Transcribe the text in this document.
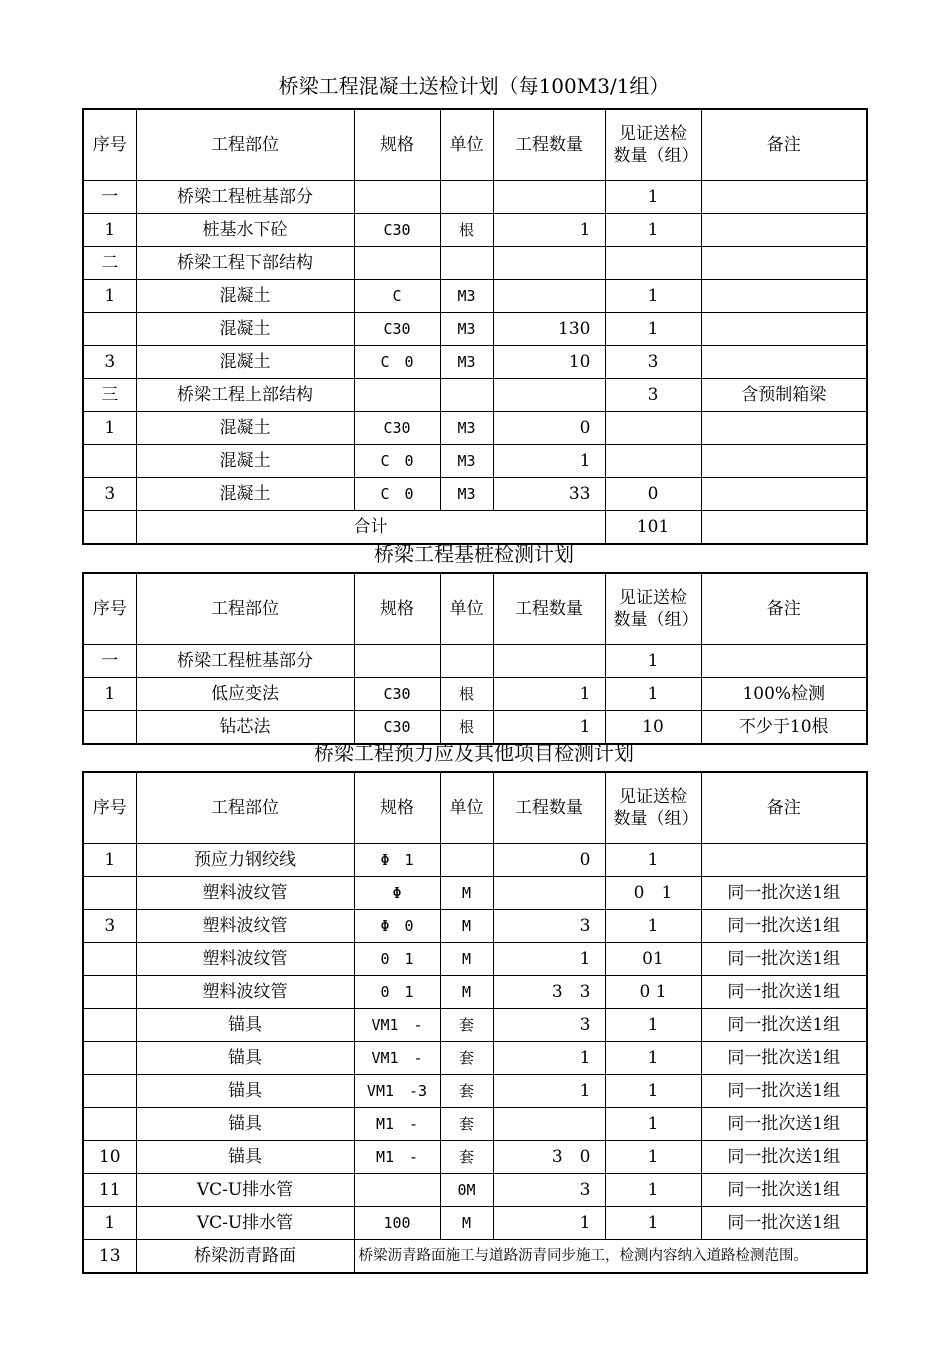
桥梁工程混凝土送检计划（每100M3/1组）
序号	工程部位	规格	单位	工程数量	见证送检数量（组）	备注
一	桥梁工程桩基部分				1	
1	桩基水下砼	C30	根	1	1	
二	桥梁工程下部结构					
1	混凝土	C	M3		1	
	混凝土	C30	M3	130	1	
3	混凝土	C　0	M3	10	3	
三	桥梁工程上部结构				3	含预制箱梁
1	混凝土	C30	M3	0		
	混凝土	C　0	M3	1		
3	混凝土	C　0	M3	33	0	
	合计				101	
桥梁工程基桩检测计划
序号	工程部位	规格	单位	工程数量	见证送检数量（组）	备注
一	桥梁工程桩基部分				1	
1	低应变法	C30	根	1	1	100%检测
	钻芯法	C30	根	1	10	不少于10根
桥梁工程预力应及其他项目检测计划
序号	工程部位	规格	单位	工程数量	见证送检数量（组）	备注
1	预应力钢绞线	Φ　1		0	1	
	塑料波纹管	Φ	M		0　1	同一批次送1组
3	塑料波纹管	Φ　0	M	3	1	同一批次送1组
	塑料波纹管	0　1	M	1	01	同一批次送1组
	塑料波纹管	0　1	M	3　3	0 1	同一批次送1组
	锚具	VM1　-	套	3	1	同一批次送1组
	锚具	VM1　-	套	1	1	同一批次送1组
	锚具	VM1　-3	套	1	1	同一批次送1组
	锚具	M1　-	套		1	同一批次送1组
10	锚具	M1　-	套	3　0	1	同一批次送1组
11	VC-U排水管		0M	3	1	同一批次送1组
1	VC-U排水管	100	M	1	1	同一批次送1组
13	桥梁沥青路面	桥梁沥青路面施工与道路沥青同步施工，检测内容纳入道路检测范围。				
